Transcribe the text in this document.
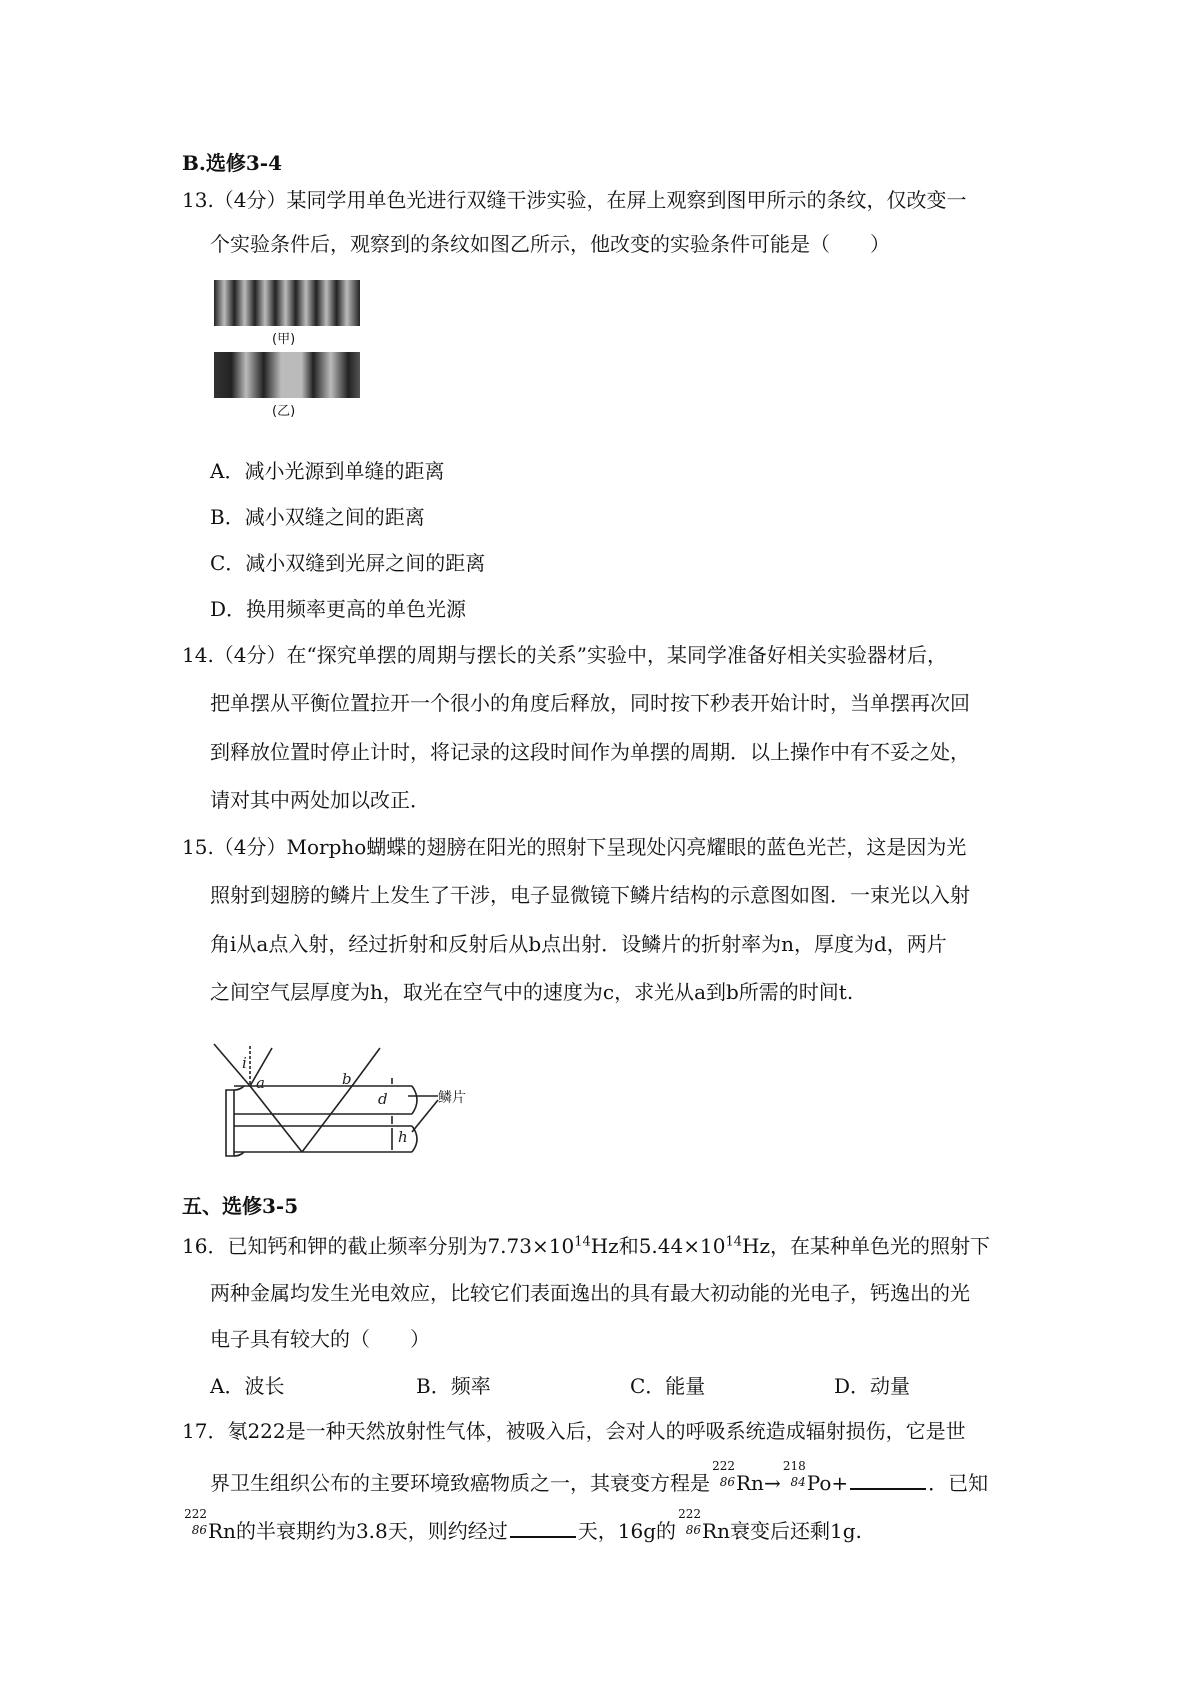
B.选修3-4
13.（4分）某同学用单色光进行双缝干涉实验，在屏上观察到图甲所示的条纹，仅改变一
个实验条件后，观察到的条纹如图乙所示，他改变的实验条件可能是（　　）
(甲)
(乙)
A．减小光源到单缝的距离
B．减小双缝之间的距离
C．减小双缝到光屏之间的距离
D．换用频率更高的单色光源
14.（4分）在“探究单摆的周期与摆长的关系”实验中，某同学准备好相关实验器材后，
把单摆从平衡位置拉开一个很小的角度后释放，同时按下秒表开始计时，当单摆再次回
到释放位置时停止计时，将记录的这段时间作为单摆的周期．以上操作中有不妥之处，
请对其中两处加以改正．
15.（4分）Morpho蝴蝶的翅膀在阳光的照射下呈现处闪亮耀眼的蓝色光芒，这是因为光
照射到翅膀的鳞片上发生了干涉，电子显微镜下鳞片结构的示意图如图．一束光以入射
角i从a点入射，经过折射和反射后从b点出射．设鳞片的折射率为n，厚度为d，两片
之间空气层厚度为h，取光在空气中的速度为c，求光从a到b所需的时间t.
i
a	b
d
h
鳞片
五、选修3-5
16．已知钙和钾的截止频率分别为$7.73\times 10^{14}Hz$和$5.44\times 10^{14}Hz$，在某种单色光的照射下
两种金属均发生光电效应，比较它们表面逸出的具有最大初动能的光电子，钙逸出的光
电子具有较大的（　　）
A．波长	B．频率	C．能量	D．动量
17．氡222是一种天然放射性气体，被吸入后，会对人的呼吸系统造成辐射损伤，它是世
界卫生组织公布的主要环境致癌物质之一，其衰变方程是
222
86 Rn→
218
84 Po+	．已知
222
86 Rn的半衰期约为3.8天，则约经过	天，16g的
222
86 Rn衰变后还剩1g.
